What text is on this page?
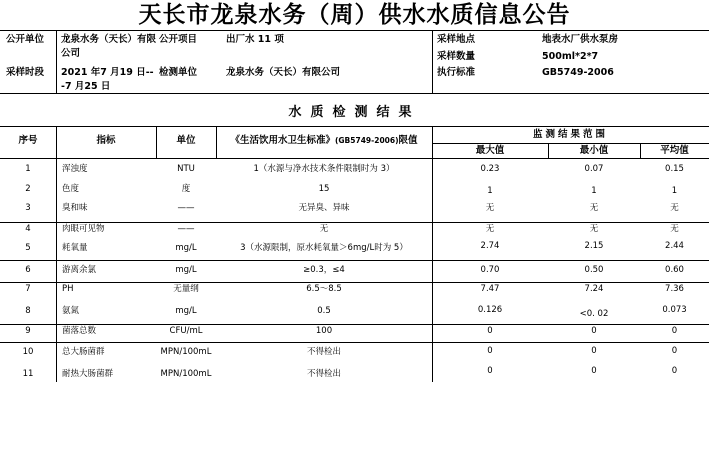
天长市龙泉水务（周）供水水质信息公告
公开单位 龙泉水务（天长）有限公司
公开项目	出厂水 11 项	采样地点	地表水厂供水泵房
采样数量	500ml*2*7
采样时段 2021 年7 月19 日---7 月25 日
检测单位	龙泉水务（天长）有限公司	执行标准	GB5749-2006
水质检测结果
序号	指标	单位	《生活饮用水卫生标准》(GB5749-2006)限值
监测结果范围
最大值	最小值	平均值
1	浑浊度	NTU	1（水源与净水技术条件限制时为 3）	0.23	0.07	0.15
2	色度	度	15	1	1	1
3	臭和味	——	无异臭、异味	无	无	无
4	肉眼可见物	——	无	无	无	无
5	耗氧量	mg/L	3（水源限制，原水耗氧量＞6mg/L时为 5）	2.74	2.15	2.44
6	游离余氯	mg/L	≥0.3，≤4	0.70	0.50	0.60
7	PH	无量纲	6.5～8.5	7.47	7.24	7.36
8	氨氮	mg/L	0.5	0.126	<0. 02	0.073
9	菌落总数	CFU/mL	100	0	0	0
10	总大肠菌群	MPN/100mL	不得检出	0	0	0
11	耐热大肠菌群	MPN/100mL	不得检出	0	0	0
